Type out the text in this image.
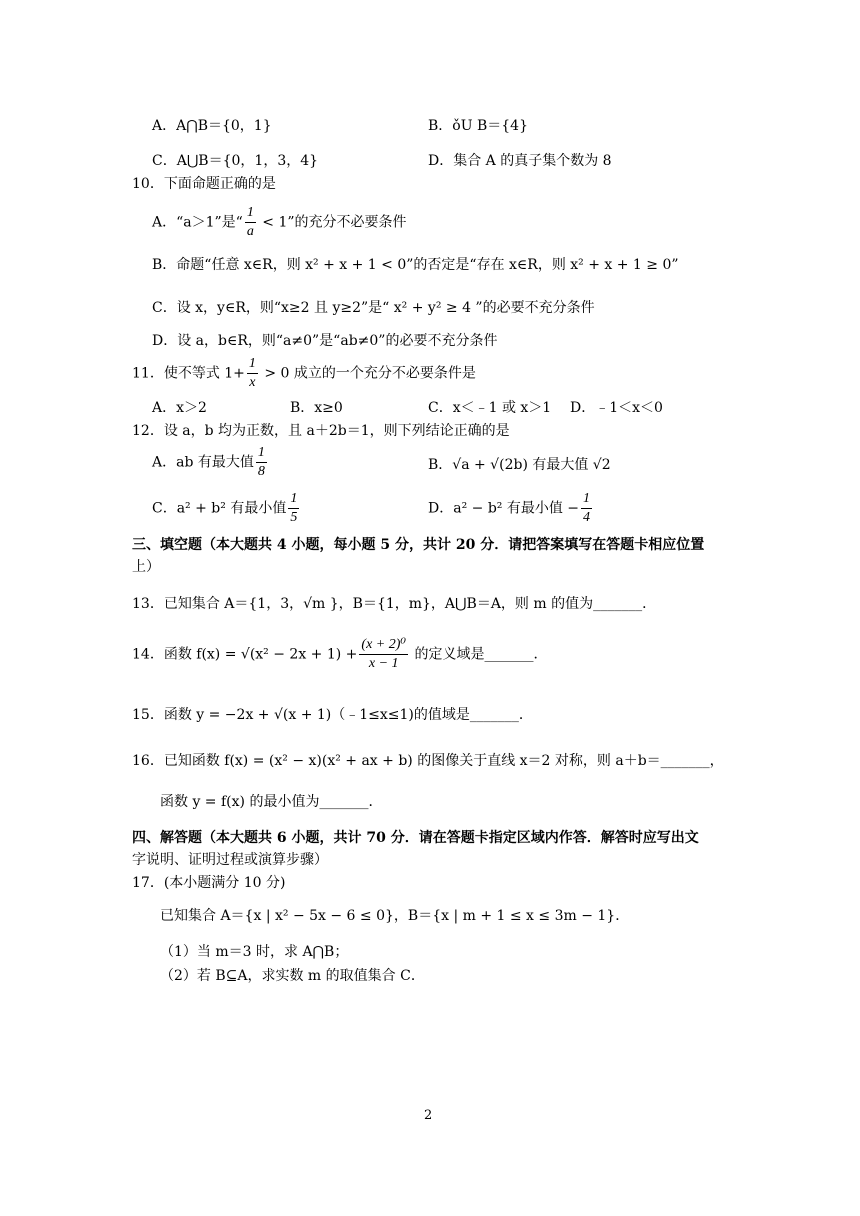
A．A⋂B＝{0，1}	B．ǒU B＝{4}
C．A⋃B＝{0，1，3，4}	D．集合 A 的真子集个数为 8
10．下面命题正确的是
A．“a＞1”是“ $\frac{1}{a} < 1$”的充分不必要条件
B．命题“任意 x∈R，则 x² + x + 1 < 0”的否定是“存在 x∈R，则 x² + x + 1 ≥ 0”
C．设 x，y∈R，则“x≥2 且 y≥2”是“ x² + y² ≥ 4 ”的必要不充分条件
D．设 a，b∈R，则“a≠0”是“ab≠0”的必要不充分条件
11．使不等式 $1+ \frac{1}{x} > 0$ 成立的一个充分不必要条件是
A．x＞2	B．x≥0	C．x＜﹣1 或 x＞1 D．﹣1＜x＜0
12．设 a，b 均为正数，且 a＋2b＝1，则下列结论正确的是
A．ab 有最大值 $\frac{1}{8}$	B．√a + √(2b) 有最大值 √2
C．a² + b² 有最小值 $\frac{1}{5}$	D．a² − b² 有最小值 − $\frac{1}{4}$
三、填空题（本大题共 4 小题，每小题 5 分，共计 20 分．请把答案填写在答题卡相应位置
上）
13．已知集合 A＝{1，3，√m }，B＝{1，m}，A⋃B＝A，则 m 的值为_______．
14．函数 $f(x) = √(x^2 - 2x + 1) + \frac{\text{(x + 2)⁰}}{x - 1}$ 的定义域是_______．
15．函数 y = −2x + √(x + 1)（﹣1≤x≤1)的值域是_______．
16．已知函数 f(x) = (x² − x)(x² + ax + b) 的图像关于直线 x＝2 对称，则 a＋b＝_______，
函数 y = f(x) 的最小值为_______．
四、解答题（本大题共 6 小题，共计 70 分．请在答题卡指定区域内作答．解答时应写出文
字说明、证明过程或演算步骤）
17．(本小题满分 10 分)
已知集合 A＝{x | x² − 5x − 6 ≤ 0}，B＝{x | m + 1 ≤ x ≤ 3m − 1}．
（1）当 m＝3 时，求 A⋂B；
（2）若 B⊆A，求实数 m 的取值集合 C．
2
